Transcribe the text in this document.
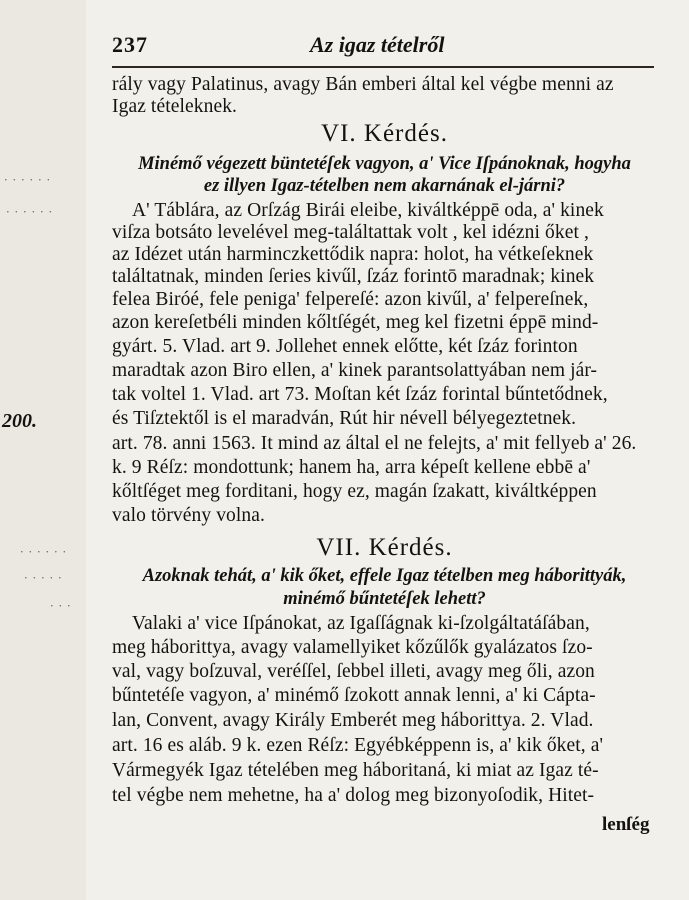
237	Az igaz tételről
rály vagy Palatinus, avagy Bán emberi által kel végbe menni az
Igaz tételeknek.
VI. Kérdés.
Minémő végezett büntetéſek vagyon, a' Vice Iſpánoknak, hogyha
ez illyen Igaz-tételben nem akarnának el-járni?
A' Táblára, az Orſzág Birái eleibe, kiváltképpē oda, a' kinek
viſza botsáto levelével meg-találtattak volt , kel idézni őket ,
az Idézet után harminczkettődik napra: holot, ha vétkeſeknek
találtatnak, minden ſeries kivűl, ſzáz forintō maradnak; kinek
felea Biróé, fele peniga' felpereſé: azon kivűl, a' felpereſnek,
azon kereſetbéli minden kőltſégét, meg kel fizetni éppē mind-
gyárt. 5. Vlad. art 9. Jollehet ennek előtte, két ſzáz forinton
maradtak azon Biro ellen, a' kinek parantsolattyában nem jár-
tak voltel 1. Vlad. art 73. Moſtan két ſzáz forintal bűntetődnek,
és Tiſztektől is el maradván, Rút hir névell bélyegeztetnek.
art. 78. anni 1563. It mind az által el ne felejts, a' mit fellyeb a' 26.
k. 9 Réſz: mondottunk; hanem ha, arra képeſt kellene ebbē a'
kőltſéget meg forditani, hogy ez, magán ſzakatt, kiváltképpen
valo törvény volna.
200.
· · · · · ·
· · · · · ·
· · · · · ·
· · · · ·
· · ·
VII. Kérdés.
Azoknak tehát, a' kik őket, effele Igaz tételben meg háborittyák,
minémő bűntetéſek lehett?
Valaki a' vice Iſpánokat, az Igaſſágnak ki-ſzolgáltatáſában,
meg háborittya, avagy valamellyiket kőzűlők gyalázatos ſzo-
val, vagy boſzuval, veréſſel, ſebbel illeti, avagy meg őli, azon
bűntetéſe vagyon, a' minémő ſzokott annak lenni, a' ki Cáptа-
lan, Convent, avagy Király Emberét meg háborittya. 2. Vlad.
art. 16 es aláb. 9 k. ezen Réſz: Egyébképpenn is, a' kik őket, a'
Vármegyék Igaz tételében meg háboritaná, ki miat az Igaz té-
tel végbe nem mehetne, ha a' dolog meg bizonyoſodik, Hitet-
lenſég
